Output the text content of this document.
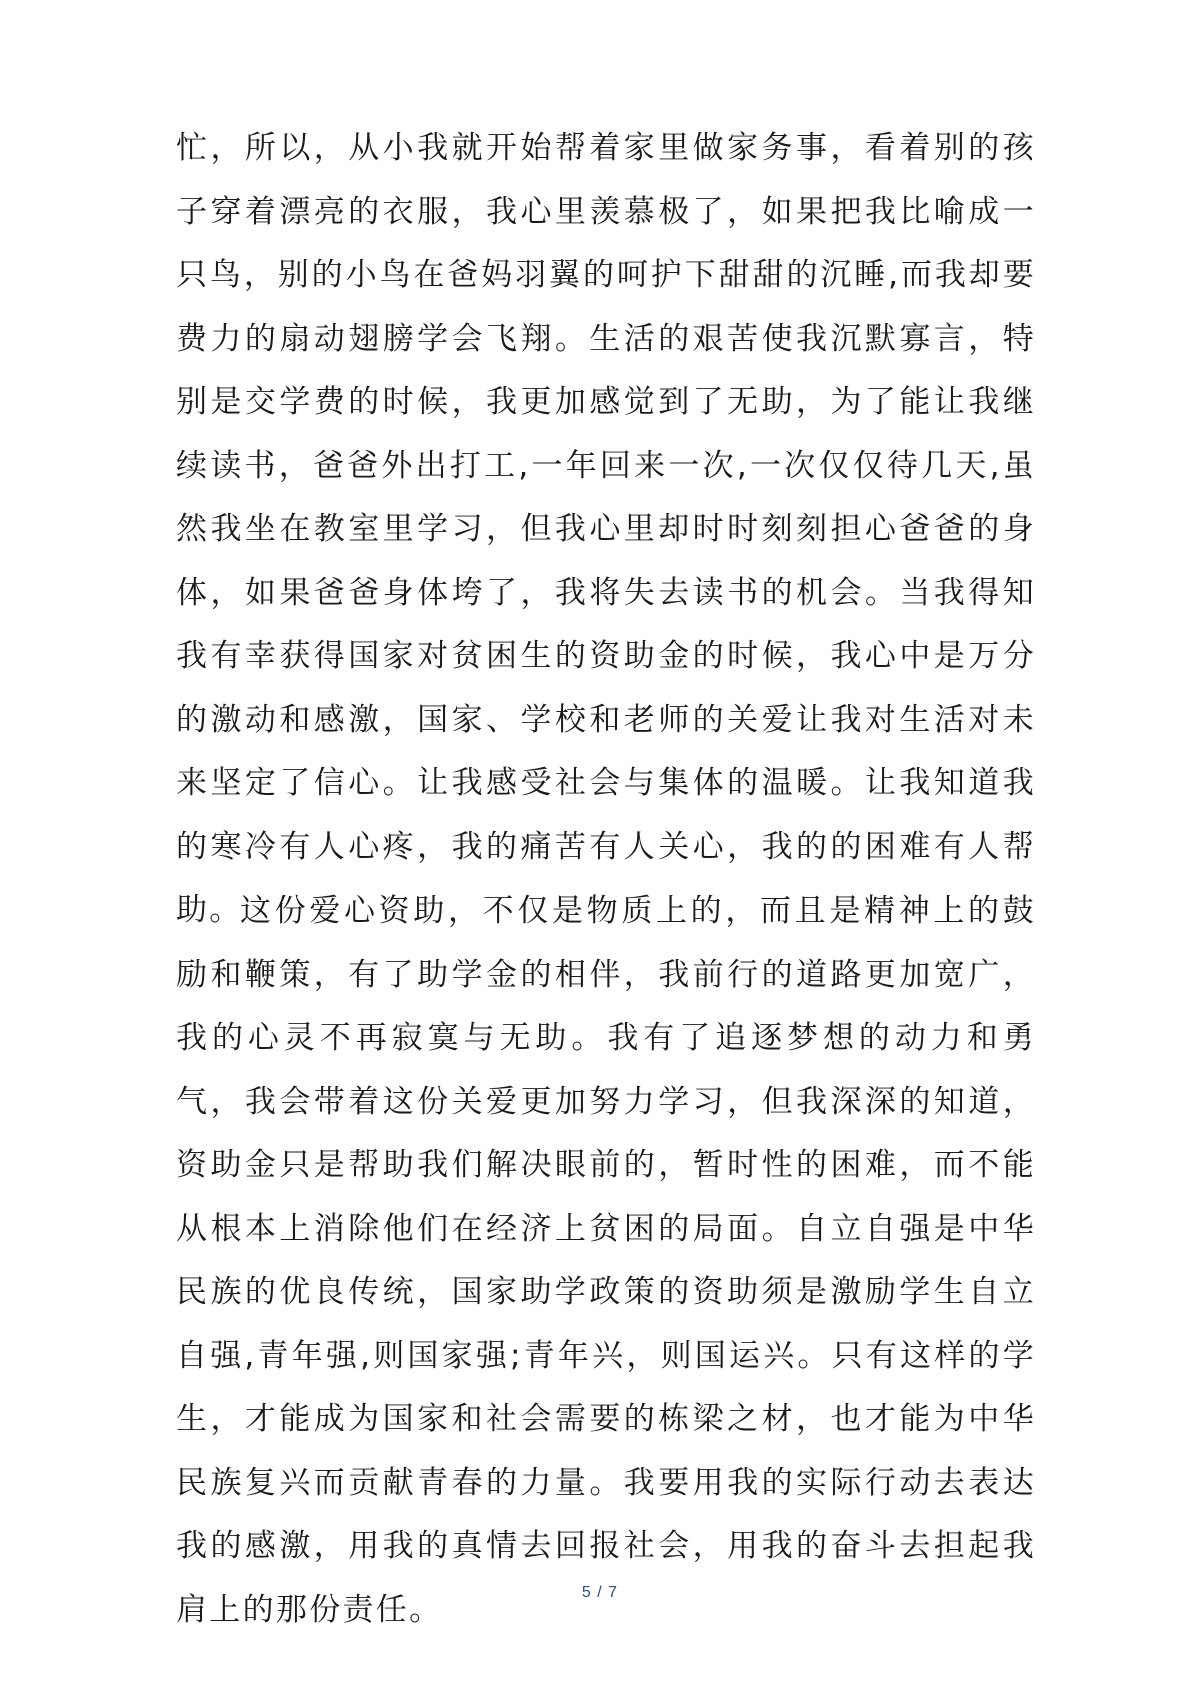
忙，所以，从小我就开始帮着家里做家务事，看着别的孩子穿着漂亮的衣服，我心里羡慕极了，如果把我比喻成一只鸟，别的小鸟在爸妈羽翼的呵护下甜甜的沉睡,而我却要费力的扇动翅膀学会飞翔。生活的艰苦使我沉默寡言，特别是交学费的时候，我更加感觉到了无助，为了能让我继续读书，爸爸外出打工,一年回来一次,一次仅仅待几天,虽然我坐在教室里学习，但我心里却时时刻刻担心爸爸的身体，如果爸爸身体垮了，我将失去读书的机会。当我得知我有幸获得国家对贫困生的资助金的时候，我心中是万分的激动和感激，国家、学校和老师的关爱让我对生活对未来坚定了信心。让我感受社会与集体的温暖。让我知道我的寒冷有人心疼，我的痛苦有人关心，我的的困难有人帮助。

这份爱心资助，不仅是物质上的，而且是精神上的鼓励和鞭策，有了助学金的相伴，我前行的道路更加宽广，我的心灵不再寂寞与无助。我有了追逐梦想的动力和勇气，我会带着这份关爱更加努力学习，但我深深的知道，资助金只是帮助我们解决眼前的，暂时性的困难，而不能从根本上消除他们在经济上贫困的局面。自立自强是中华民族的优良传统，国家助学政策的资助须是激励学生自立自强,青年强,则国家强;青年兴，则国运兴。只有这样的学生，才能成为国家和社会需要的栋梁之材，也才能为中华民族复兴而贡献青春的力量。我要用我的实际行动去表达我的感激，用我的真情去回报社会，用我的奋斗去担起我肩上的那份责任。	5 / 7
